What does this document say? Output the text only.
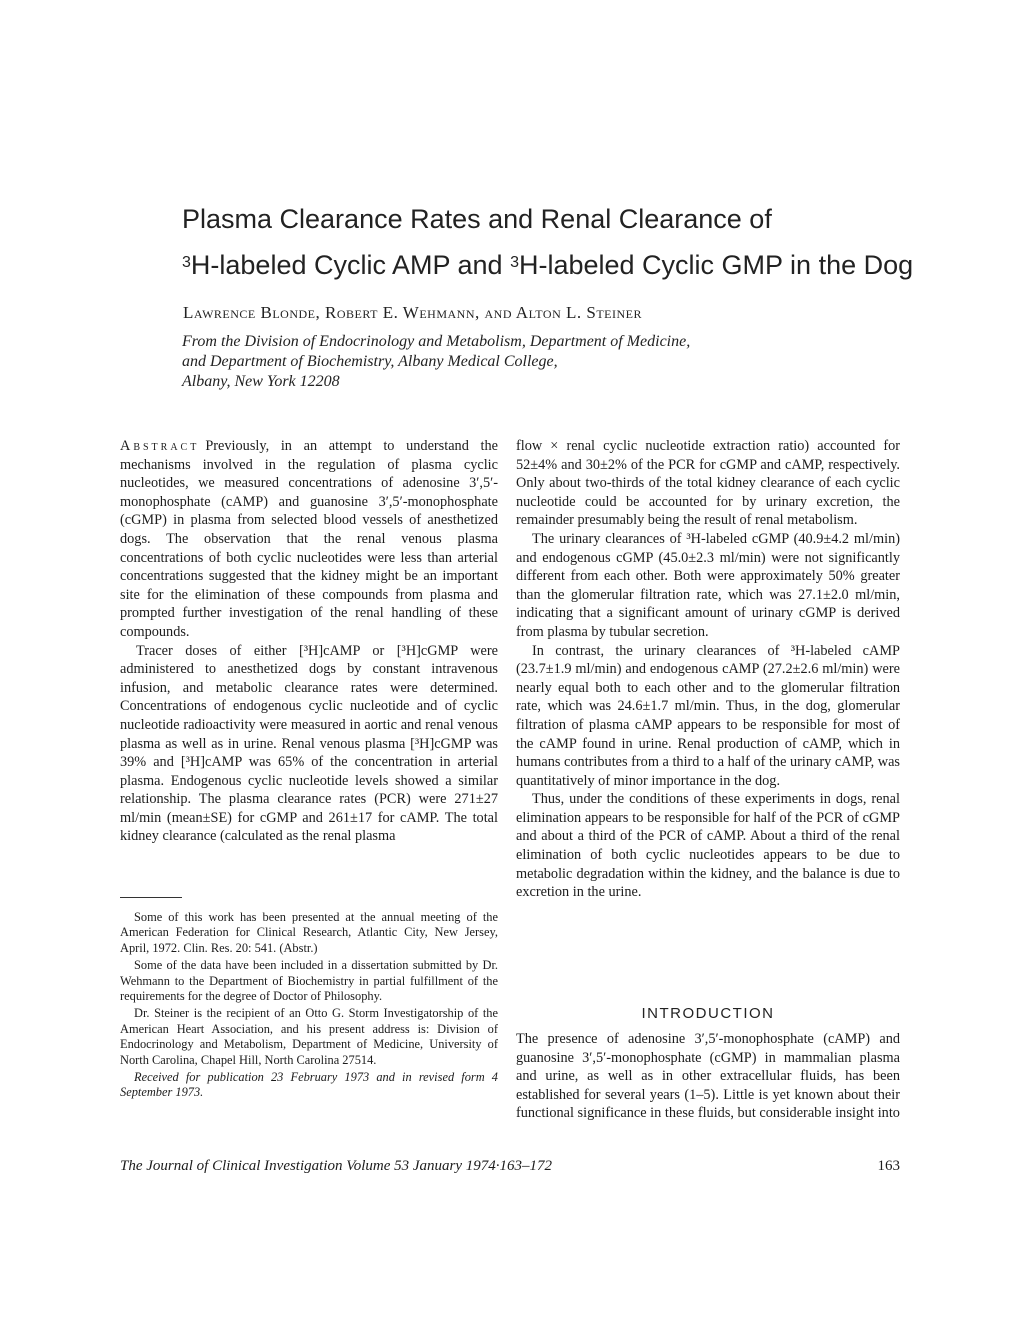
Plasma Clearance Rates and Renal Clearance of
$^3$H-labeled Cyclic AMP and $^3$H-labeled Cyclic GMP in the Dog
Lawrence Blonde, Robert E. Wehmann, and Alton L. Steiner
From the Division of Endocrinology and Metabolism, Department of Medicine,
and Department of Biochemistry, Albany Medical College,
Albany, New York 12208

Abstract Previously, in an attempt to understand the mechanisms involved in the regulation of plasma cyclic nucleotides, we measured concentrations of adenosine 3′,5′-monophosphate (cAMP) and guanosine 3′,5′-monophosphate (cGMP) in plasma from selected blood vessels of anesthetized dogs. The observation that the renal venous plasma concentrations of both cyclic nucleotides were less than arterial concentrations suggested that the kidney might be an important site for the elimination of these compounds from plasma and prompted further investigation of the renal handling of these compounds.

Tracer doses of either [³H]cAMP or [³H]cGMP were administered to anesthetized dogs by constant intravenous infusion, and metabolic clearance rates were determined. Concentrations of endogenous cyclic nucleotide and of cyclic nucleotide radioactivity were measured in aortic and renal venous plasma as well as in urine. Renal venous plasma [³H]cGMP was 39% and [³H]cAMP was 65% of the concentration in arterial plasma. Endogenous cyclic nucleotide levels showed a similar relationship. The plasma clearance rates (PCR) were 271±27 ml/min (mean±SE) for cGMP and 261±17 for cAMP. The total kidney clearance (calculated as the renal plasma

Some of this work has been presented at the annual meeting of the American Federation for Clinical Research, Atlantic City, New Jersey, April, 1972. Clin. Res. 20: 541. (Abstr.)

Some of the data have been included in a dissertation submitted by Dr. Wehmann to the Department of Biochemistry in partial fulfillment of the requirements for the degree of Doctor of Philosophy.

Dr. Steiner is the recipient of an Otto G. Storm Investigatorship of the American Heart Association, and his present address is: Division of Endocrinology and Metabolism, Department of Medicine, University of North Carolina, Chapel Hill, North Carolina 27514.

Received for publication 23 February 1973 and in revised form 4 September 1973.

flow × renal cyclic nucleotide extraction ratio) accounted for 52±4% and 30±2% of the PCR for cGMP and cAMP, respectively. Only about two-thirds of the total kidney clearance of each cyclic nucleotide could be accounted for by urinary excretion, the remainder presumably being the result of renal metabolism.

The urinary clearances of ³H-labeled cGMP (40.9±4.2 ml/min) and endogenous cGMP (45.0±2.3 ml/min) were not significantly different from each other. Both were approximately 50% greater than the glomerular filtration rate, which was 27.1±2.0 ml/min, indicating that a significant amount of urinary cGMP is derived from plasma by tubular secretion.

In contrast, the urinary clearances of ³H-labeled cAMP (23.7±1.9 ml/min) and endogenous cAMP (27.2±2.6 ml/min) were nearly equal both to each other and to the glomerular filtration rate, which was 24.6±1.7 ml/min. Thus, in the dog, glomerular filtration of plasma cAMP appears to be responsible for most of the cAMP found in urine. Renal production of cAMP, which in humans contributes from a third to a half of the urinary cAMP, was quantitatively of minor importance in the dog.

Thus, under the conditions of these experiments in dogs, renal elimination appears to be responsible for half of the PCR of cGMP and about a third of the PCR of cAMP. About a third of the renal elimination of both cyclic nucleotides appears to be due to metabolic degradation within the kidney, and the balance is due to excretion in the urine.

INTRODUCTION

The presence of adenosine 3′,5′-monophosphate (cAMP) and guanosine 3′,5′-monophosphate (cGMP) in mammalian plasma and urine, as well as in other extracellular fluids, has been established for several years (1–5). Little is yet known about their functional significance in these fluids, but considerable insight into

The Journal of Clinical Investigation Volume 53 January 1974·163–172	163
